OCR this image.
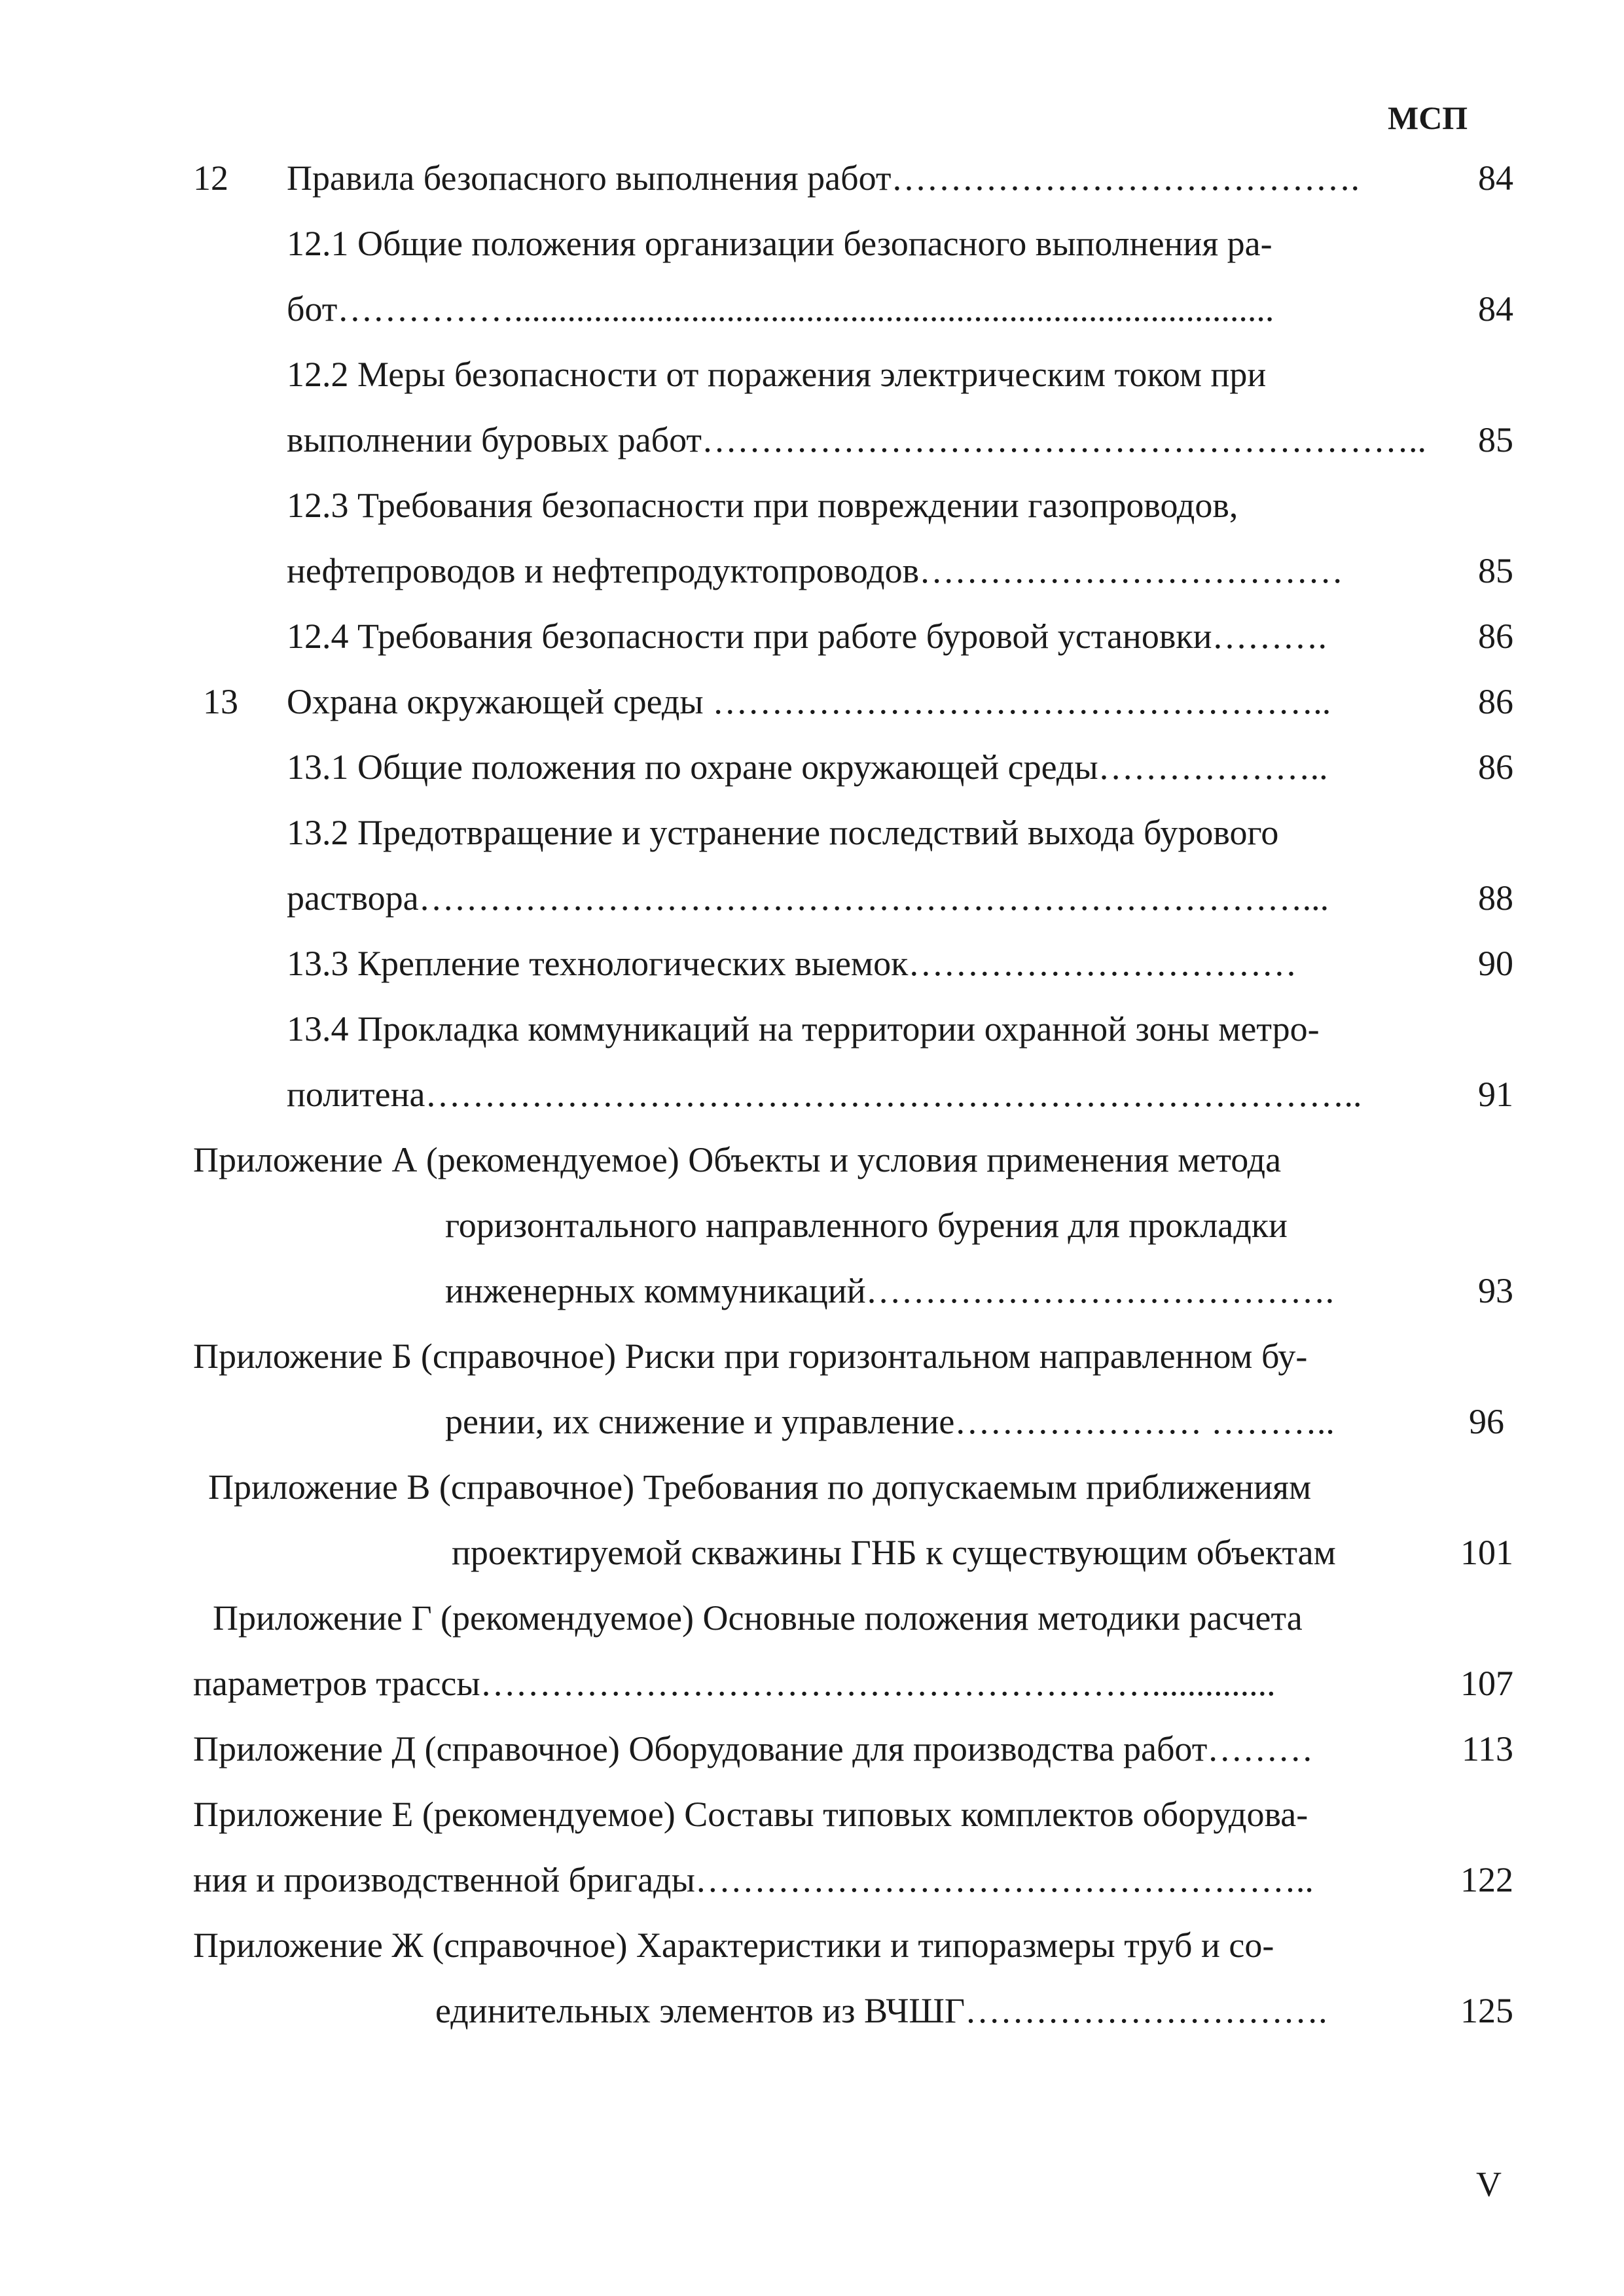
МСП
12 Правила безопасного выполнения работ………………………………….	84
12.1 Общие положения организации безопасного выполнения ра-
бот……………......................................................................................	84
12.2 Меры безопасности от поражения электрическим током при
выполнении буровых работ……………………………………………………..	85
12.3 Требования безопасности при повреждении газопроводов,
нефтепроводов и нефтепродуктопроводов………………………………	85
12.4 Требования безопасности при работе буровой установки……….	86
13 Охрана окружающей среды ……………………………………………..	86
13.1 Общие положения по охране окружающей среды………………..	86
13.2 Предотвращение и устранение последствий выхода бурового
раствора…………………………………………………………………...	88
13.3 Крепление технологических выемок……………………………	90
13.4 Прокладка коммуникаций на территории охранной зоны метро-
политена……………………………………………………………………..	91
Приложение А (рекомендуемое) Объекты и условия применения метода
горизонтального направленного бурения для прокладки
инженерных коммуникаций………………………………….	93
Приложение Б (справочное) Риски при горизонтальном направленном бу-
рении, их снижение и управление………………… ………..	96
Приложение В (справочное) Требования по допускаемым приближениям
проектируемой скважины ГНБ к существующим объектам	101
Приложение Г (рекомендуемое) Основные положения методики расчета
параметров трассы…………………………………………………..............	107
Приложение Д (справочное) Оборудование для производства работ………	113
Приложение Е (рекомендуемое) Составы типовых комплектов оборудова-
ния и производственной бригады……………………………………………..	122
Приложение Ж (справочное) Характеристики и типоразмеры труб и со-
единительных элементов из ВЧШГ………………………….	125
V
